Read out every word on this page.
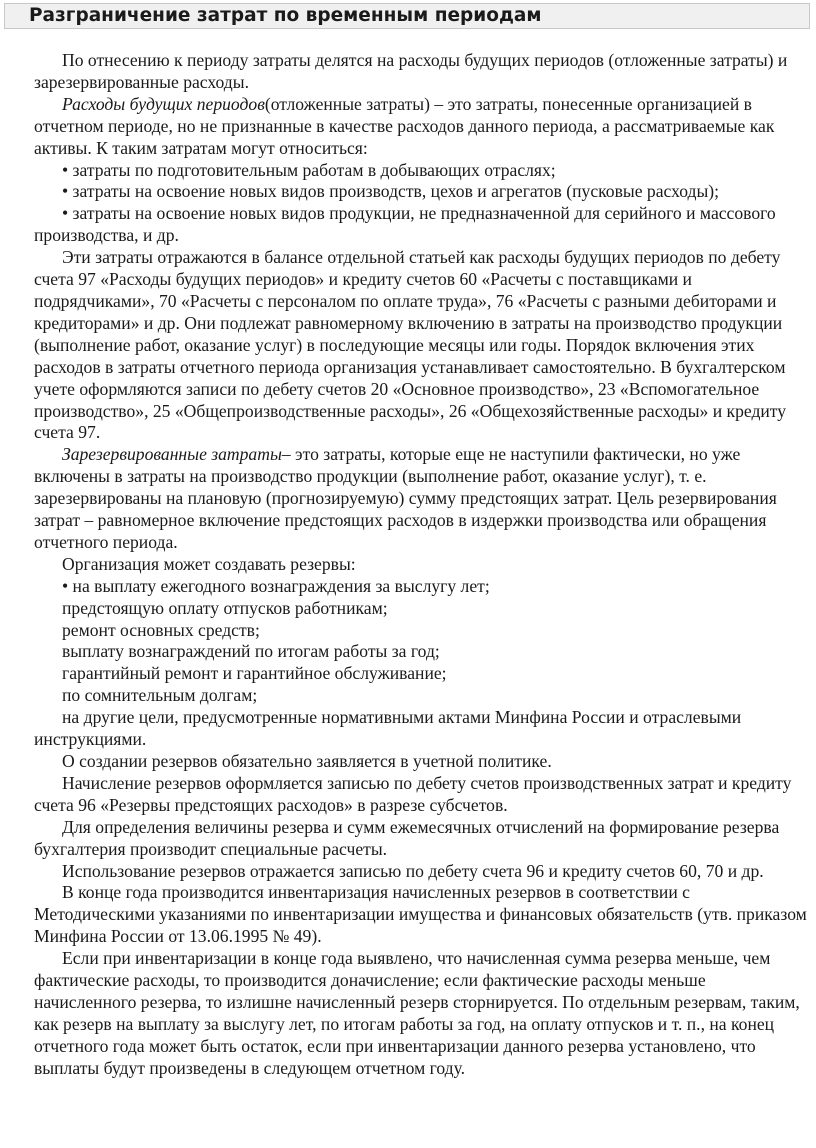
Разграничение затрат по временным периодам

По отнесению к периоду затраты делятся на расходы будущих периодов (отложенные затраты) и зарезервированные расходы.

Расходы будущих периодов(отложенные затраты) – это затраты, понесенные организацией в отчетном периоде, но не признанные в качестве расходов данного периода, а рассматриваемые как активы. К таким затратам могут относиться:

• затраты по подготовительным работам в добывающих отраслях;

• затраты на освоение новых видов производств, цехов и агрегатов (пусковые расходы);

• затраты на освоение новых видов продукции, не предназначенной для серийного и массового производства, и др.

Эти затраты отражаются в балансе отдельной статьей как расходы будущих периодов по дебету счета 97 «Расходы будущих периодов» и кредиту счетов 60 «Расчеты с поставщиками и подрядчиками», 70 «Расчеты с персоналом по оплате труда», 76 «Расчеты с разными дебиторами и кредиторами» и др. Они подлежат равномерному включению в затраты на производство продукции (выполнение работ, оказание услуг) в последующие месяцы или годы. Порядок включения этих расходов в затраты отчетного периода организация устанавливает самостоятельно. В бухгалтерском учете оформляются записи по дебету счетов 20 «Основное производство», 23 «Вспомогательное производство», 25 «Общепроизводственные расходы», 26 «Общехозяйственные расходы» и кредиту счета 97.

Зарезервированные затраты– это затраты, которые еще не наступили фактически, но уже включены в затраты на производство продукции (выполнение работ, оказание услуг), т. е. зарезервированы на плановую (прогнозируемую) сумму предстоящих затрат. Цель резервирования затрат – равномерное включение предстоящих расходов в издержки производства или обращения отчетного периода.

Организация может создавать резервы:

• на выплату ежегодного вознаграждения за выслугу лет;

предстоящую оплату отпусков работникам;

ремонт основных средств;

выплату вознаграждений по итогам работы за год;

гарантийный ремонт и гарантийное обслуживание;

по сомнительным долгам;

на другие цели, предусмотренные нормативными актами Минфина России и отраслевыми инструкциями.

О создании резервов обязательно заявляется в учетной политике.

Начисление резервов оформляется записью по дебету счетов производственных затрат и кредиту счета 96 «Резервы предстоящих расходов» в разрезе субсчетов.

Для определения величины резерва и сумм ежемесячных отчислений на формирование резерва бухгалтерия производит специальные расчеты.

Использование резервов отражается записью по дебету счета 96 и кредиту счетов 60, 70 и др.

В конце года производится инвентаризация начисленных резервов в соответствии с Методическими указаниями по инвентаризации имущества и финансовых обязательств (утв. приказом Минфина России от 13.06.1995 № 49).

Если при инвентаризации в конце года выявлено, что начисленная сумма резерва меньше, чем фактические расходы, то производится доначисление; если фактические расходы меньше начисленного резерва, то излишне начисленный резерв сторнируется. По отдельным резервам, таким, как резерв на выплату за выслугу лет, по итогам работы за год, на оплату отпусков и т. п., на конец отчетного года может быть остаток, если при инвентаризации данного резерва установлено, что выплаты будут произведены в следующем отчетном году.
